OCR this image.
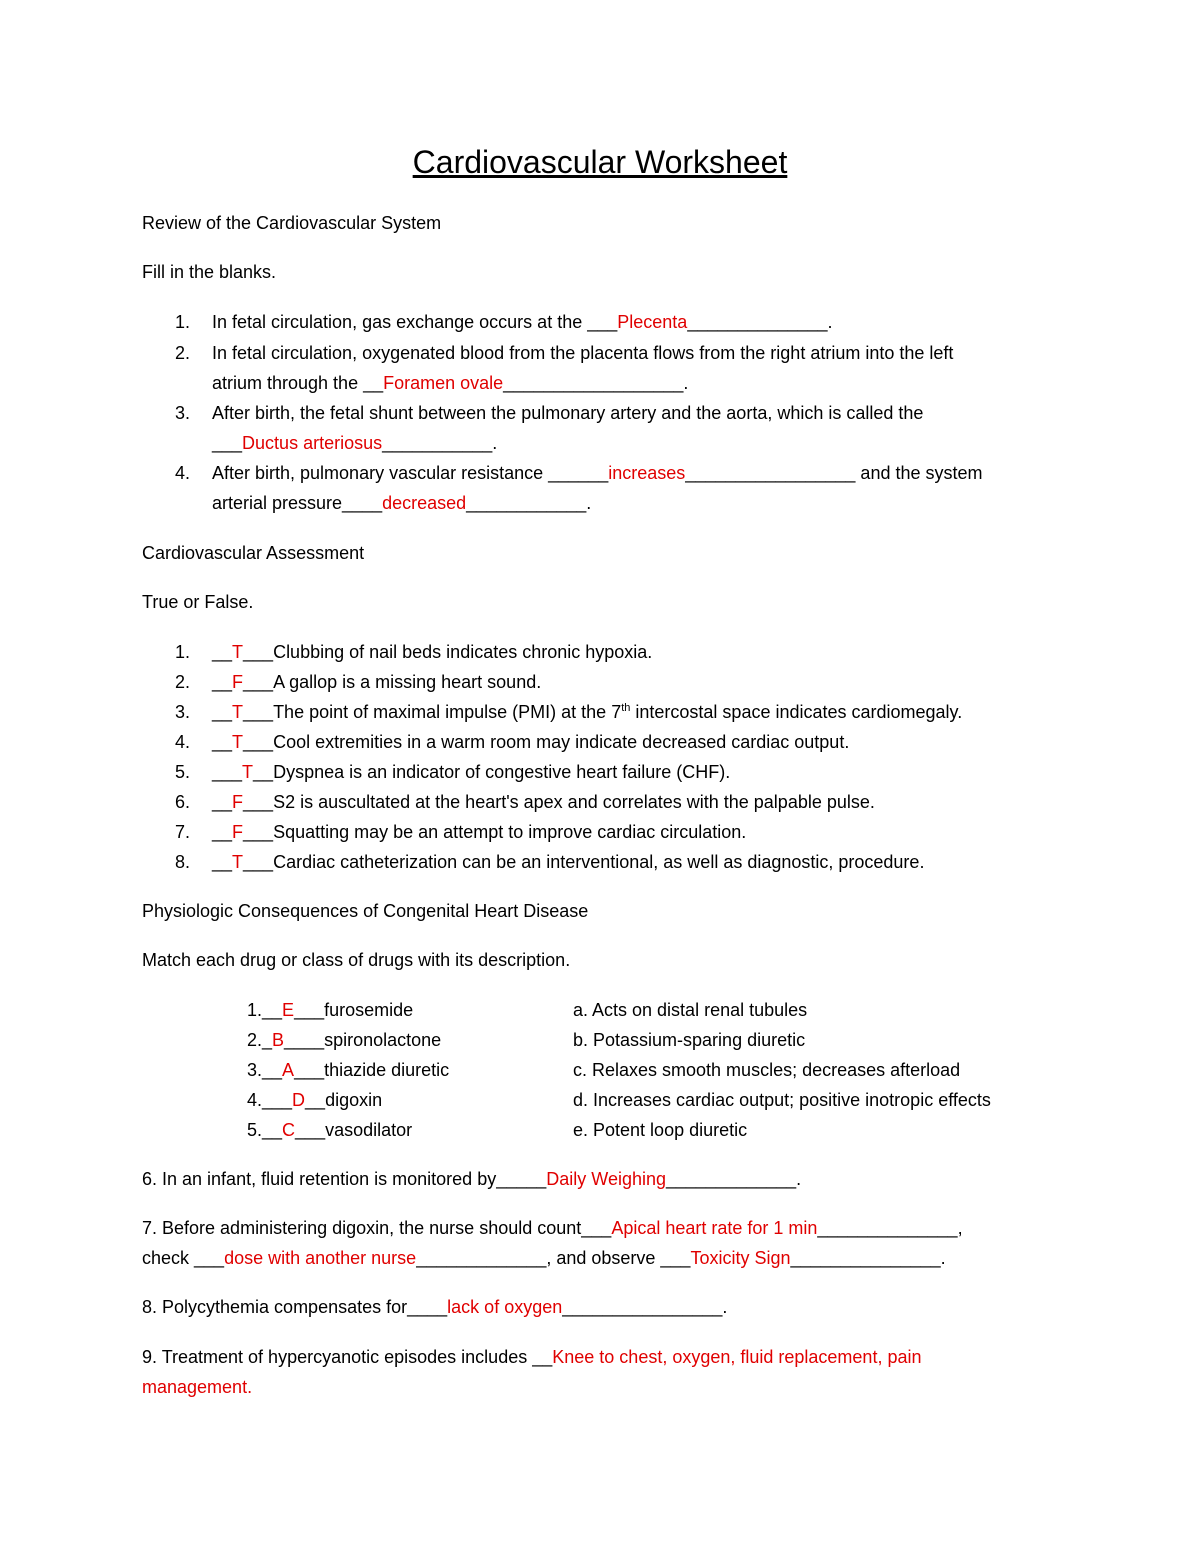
Cardiovascular Worksheet
Review of the Cardiovascular System
Fill in the blanks.
1. In fetal circulation, gas exchange occurs at the ___Plecenta______________.
2. In fetal circulation, oxygenated blood from the placenta flows from the right atrium into the left
atrium through the __Foramen ovale__________________.
3. After birth, the fetal shunt between the pulmonary artery and the aorta, which is called the
___Ductus arteriosus___________.
4. After birth, pulmonary vascular resistance ______increases_________________ and the system
arterial pressure____decreased____________.
Cardiovascular Assessment
True or False.
1. __T___Clubbing of nail beds indicates chronic hypoxia.
2. __F___A gallop is a missing heart sound.
3. __T___The point of maximal impulse (PMI) at the 7th intercostal space indicates cardiomegaly.
4. __T___Cool extremities in a warm room may indicate decreased cardiac output.
5. ___T__Dyspnea is an indicator of congestive heart failure (CHF).
6. __F___S2 is auscultated at the heart's apex and correlates with the palpable pulse.
7. __F___Squatting may be an attempt to improve cardiac circulation.
8. __T___Cardiac catheterization can be an interventional, as well as diagnostic, procedure.
Physiologic Consequences of Congenital Heart Disease
Match each drug or class of drugs with its description.
1.__E___furosemide	a. Acts on distal renal tubules
2._B____spironolactone	b. Potassium-sparing diuretic
3.__A___thiazide diuretic	c. Relaxes smooth muscles; decreases afterload
4.___D__digoxin	d. Increases cardiac output; positive inotropic effects
5.__C___vasodilator	e. Potent loop diuretic
6. In an infant, fluid retention is monitored by_____Daily Weighing_____________.
7. Before administering digoxin, the nurse should count___Apical heart rate for 1 min______________,
check ___dose with another nurse_____________, and observe ___Toxicity Sign_______________.
8. Polycythemia compensates for____lack of oxygen________________.
9. Treatment of hypercyanotic episodes includes __Knee to chest, oxygen, fluid replacement, pain
management.
